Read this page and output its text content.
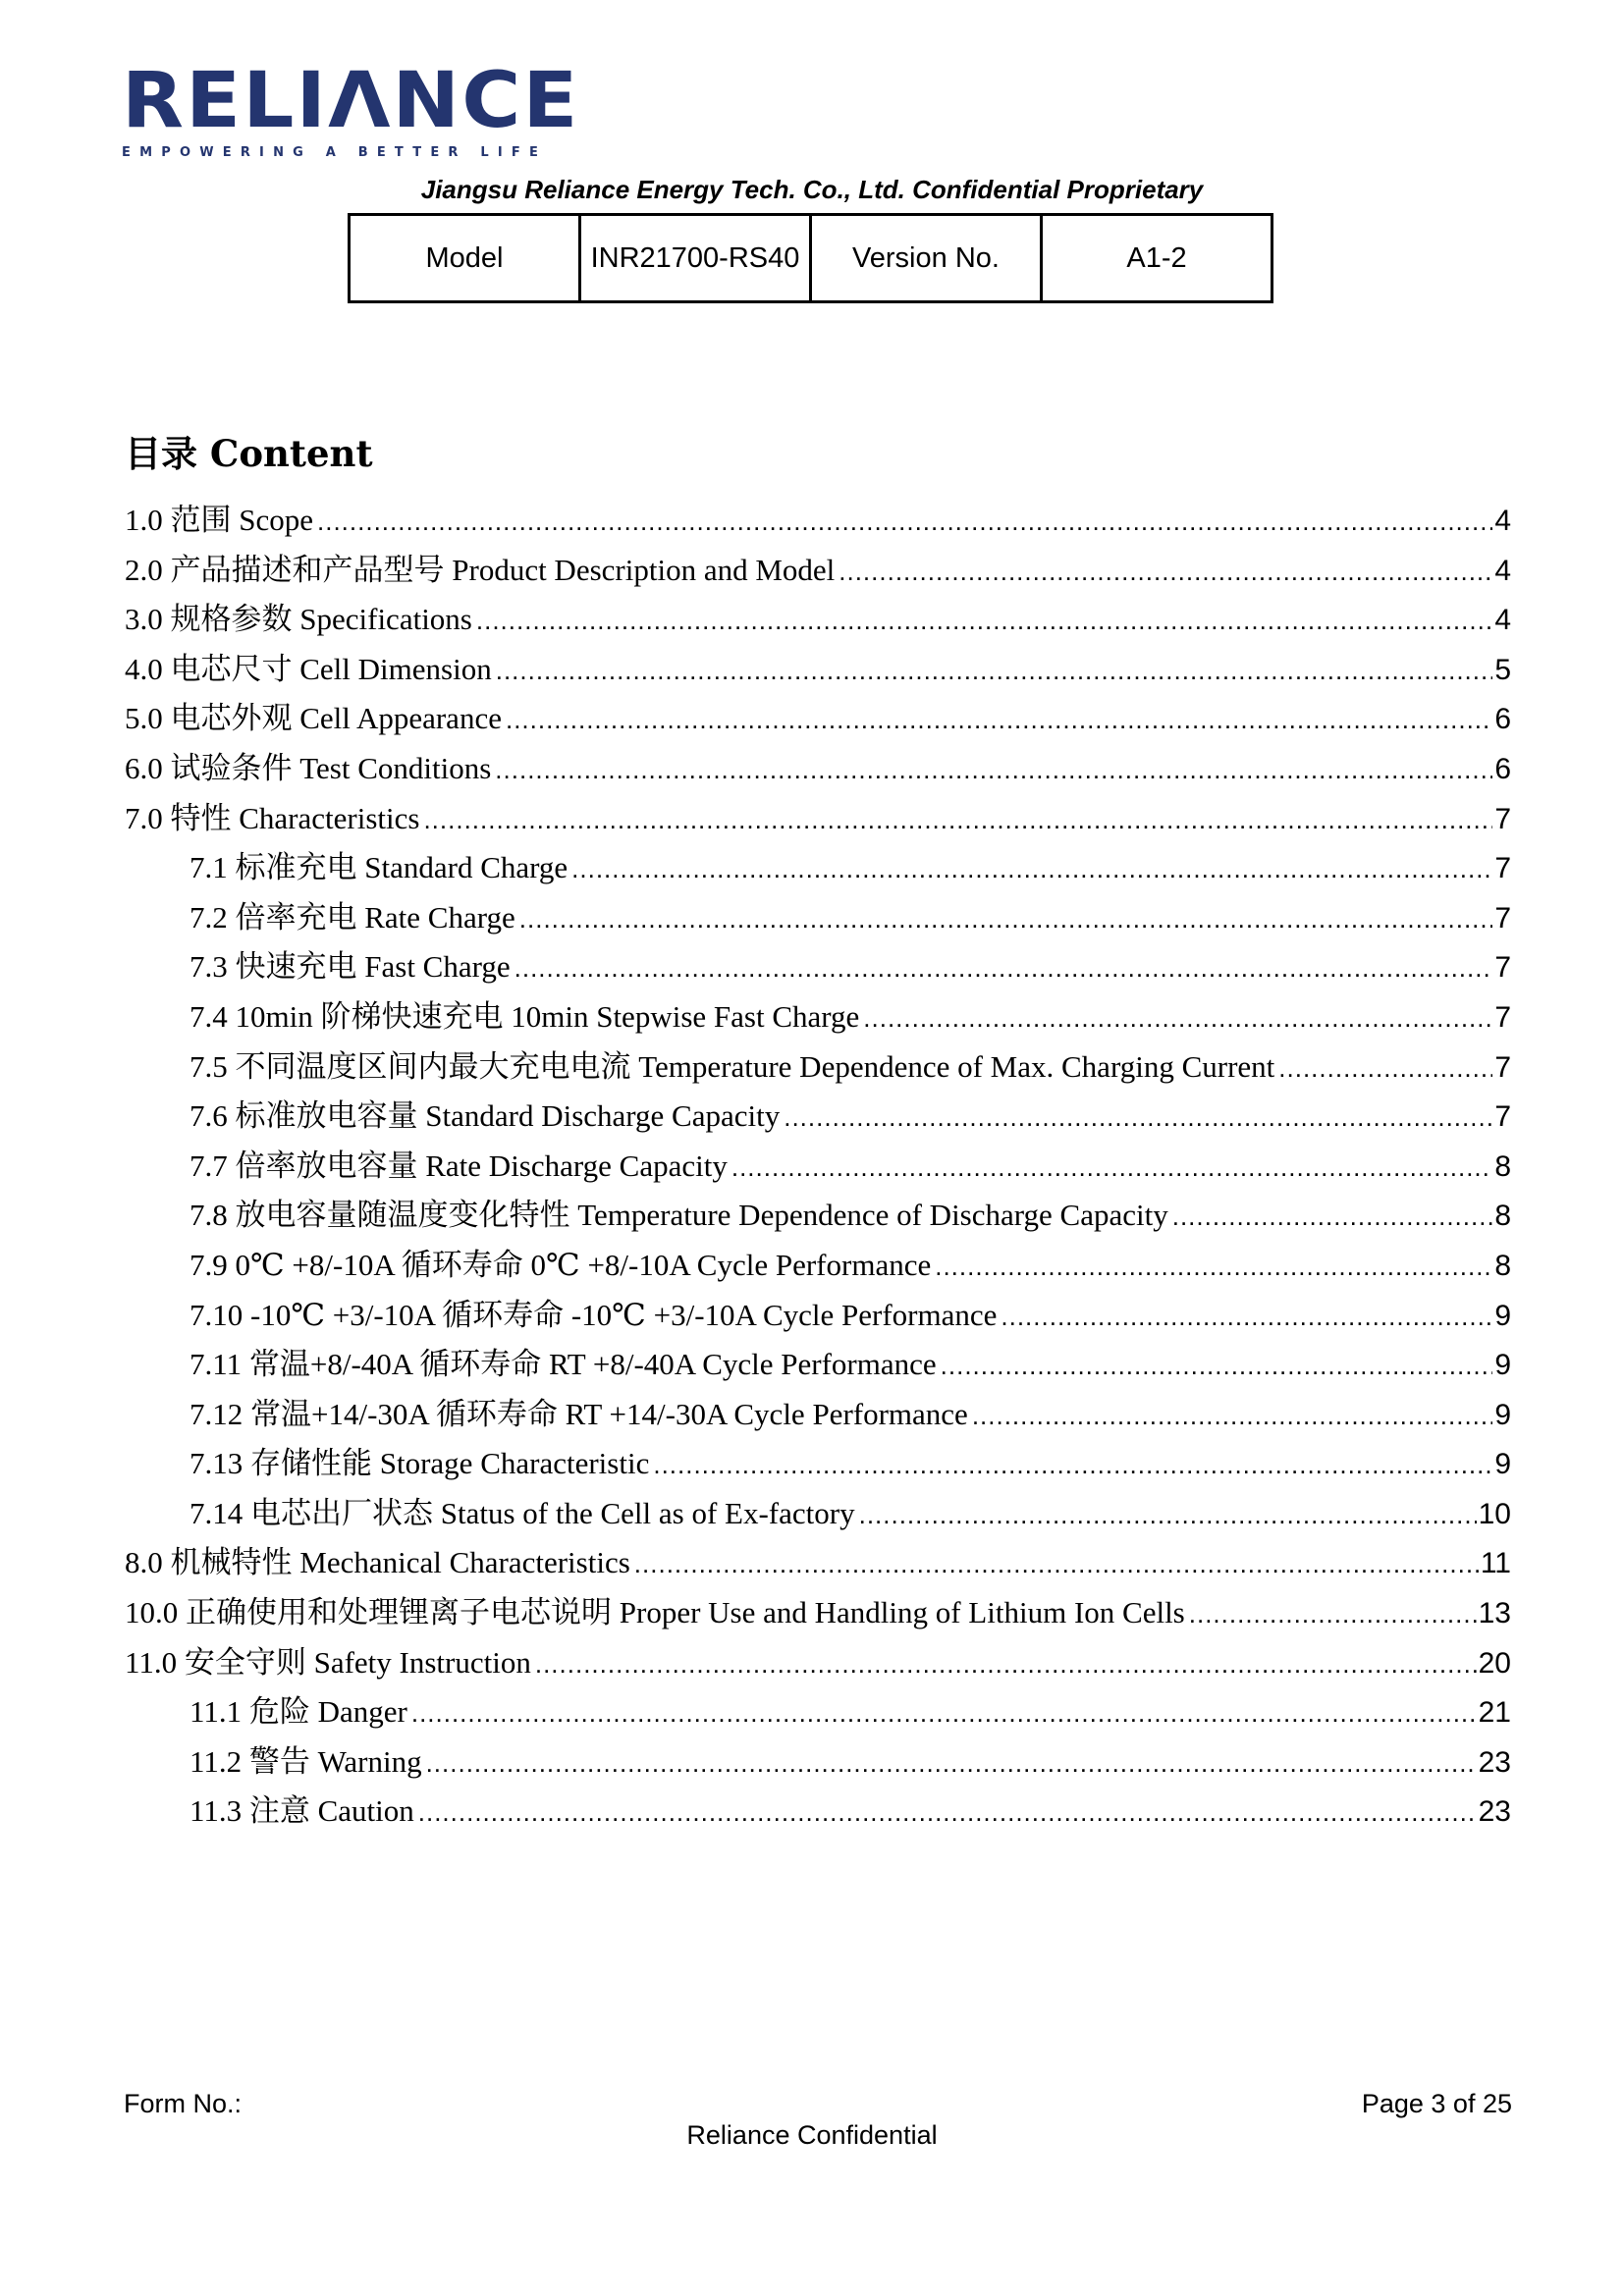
RELIΛNCE
EMPOWERING A BETTER LIFE
Jiangsu Reliance Energy Tech. Co., Ltd. Confidential Proprietary
Model	INR21700-RS40	Version No.	A1-2
目录 Content
1.0 范围 Scope .....	4
2.0 产品描述和产品型号 Product Description and Model .....	4
3.0 规格参数 Specifications .....	4
4.0 电芯尺寸 Cell Dimension .....	5
5.0 电芯外观 Cell Appearance .....	6
6.0 试验条件 Test Conditions .....	6
7.0 特性 Characteristics .....	7
7.1 标准充电 Standard Charge .....	7
7.2 倍率充电 Rate Charge .....	7
7.3 快速充电 Fast Charge .....	7
7.4 10min 阶梯快速充电 10min Stepwise Fast Charge .....	7
7.5 不同温度区间内最大充电电流 Temperature Dependence of Max. Charging Current .....	7
7.6 标准放电容量 Standard Discharge Capacity .....	7
7.7 倍率放电容量 Rate Discharge Capacity .....	8
7.8 放电容量随温度变化特性 Temperature Dependence of Discharge Capacity .....	8
7.9 0℃ +8/-10A 循环寿命 0℃ +8/-10A Cycle Performance .....	8
7.10 -10℃ +3/-10A 循环寿命 -10℃ +3/-10A Cycle Performance .....	9
7.11 常温+8/-40A 循环寿命 RT +8/-40A Cycle Performance .....	9
7.12 常温+14/-30A 循环寿命 RT +14/-30A Cycle Performance .....	9
7.13 存储性能 Storage Characteristic .....	9
7.14 电芯出厂状态 Status of the Cell as of Ex-factory .....	10
8.0 机械特性 Mechanical Characteristics .....	11
10.0 正确使用和处理锂离子电芯说明 Proper Use and Handling of Lithium Ion Cells .....	13
11.0 安全守则 Safety Instruction .....	20
11.1 危险 Danger .....	21
11.2 警告 Warning .....	23
11.3 注意 Caution .....	23
Form No.:	Page 3 of 25
Reliance Confidential
